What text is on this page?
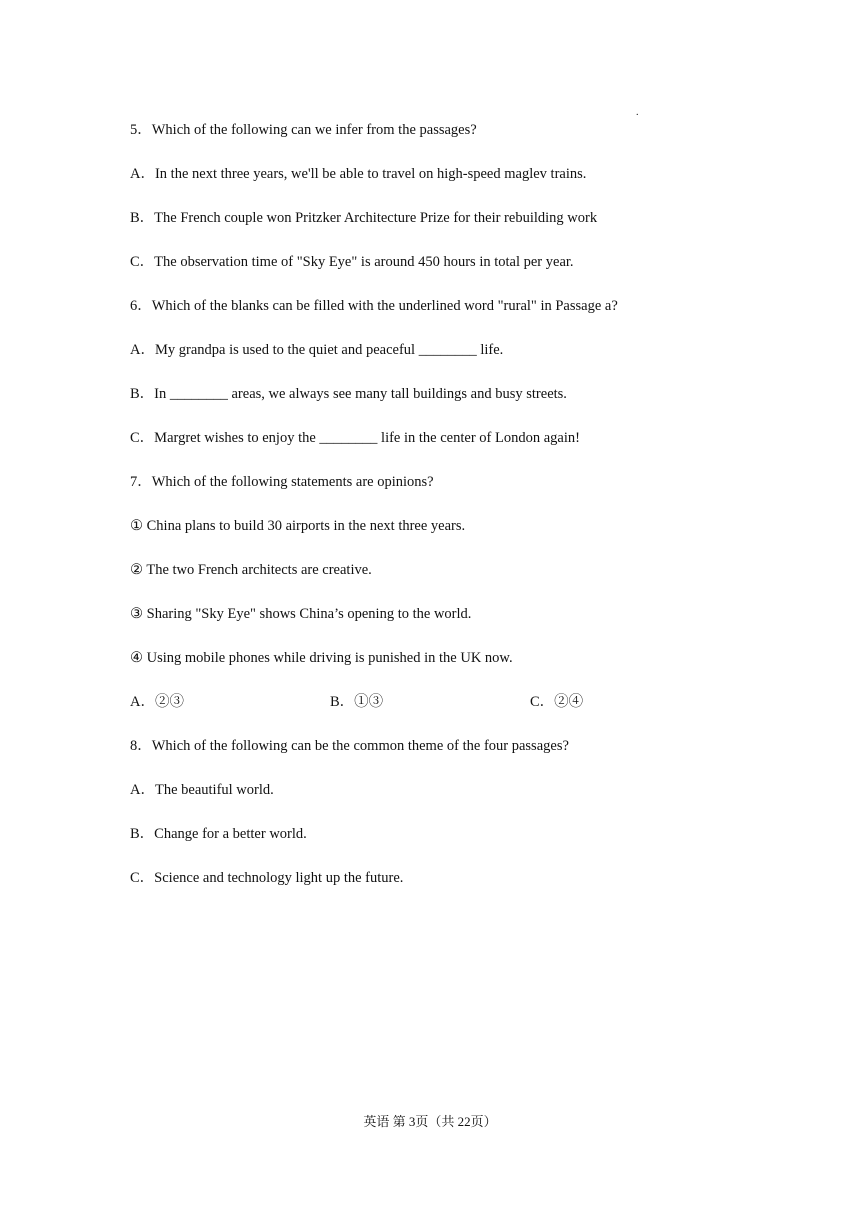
.
5．Which of the following can we infer from the passages?
A．In the next three years, we'll be able to travel on high-speed maglev trains.
B．The French couple won Pritzker Architecture Prize for their rebuilding work
C．The observation time of "Sky Eye" is around 450 hours in total per year.
6．Which of the blanks can be filled with the underlined word "rural" in Passage a?
A．My grandpa is used to the quiet and peaceful ________ life.
B．In ________ areas, we always see many tall buildings and busy streets.
C．Margret wishes to enjoy the ________ life in the center of London again!
7．Which of the following statements are opinions?
① China plans to build 30 airports in the next three years.
② The two French architects are creative.
③ Sharing "Sky Eye" shows China’s opening to the world.
④ Using mobile phones while driving is punished in the UK now.

A．②③

	B．①③

	C．②④

8．Which of the following can be the common theme of the four passages?
A．The beautiful world.
B．Change for a better world.
C．Science and technology light up the future.
英语 第 3页（共 22页）
